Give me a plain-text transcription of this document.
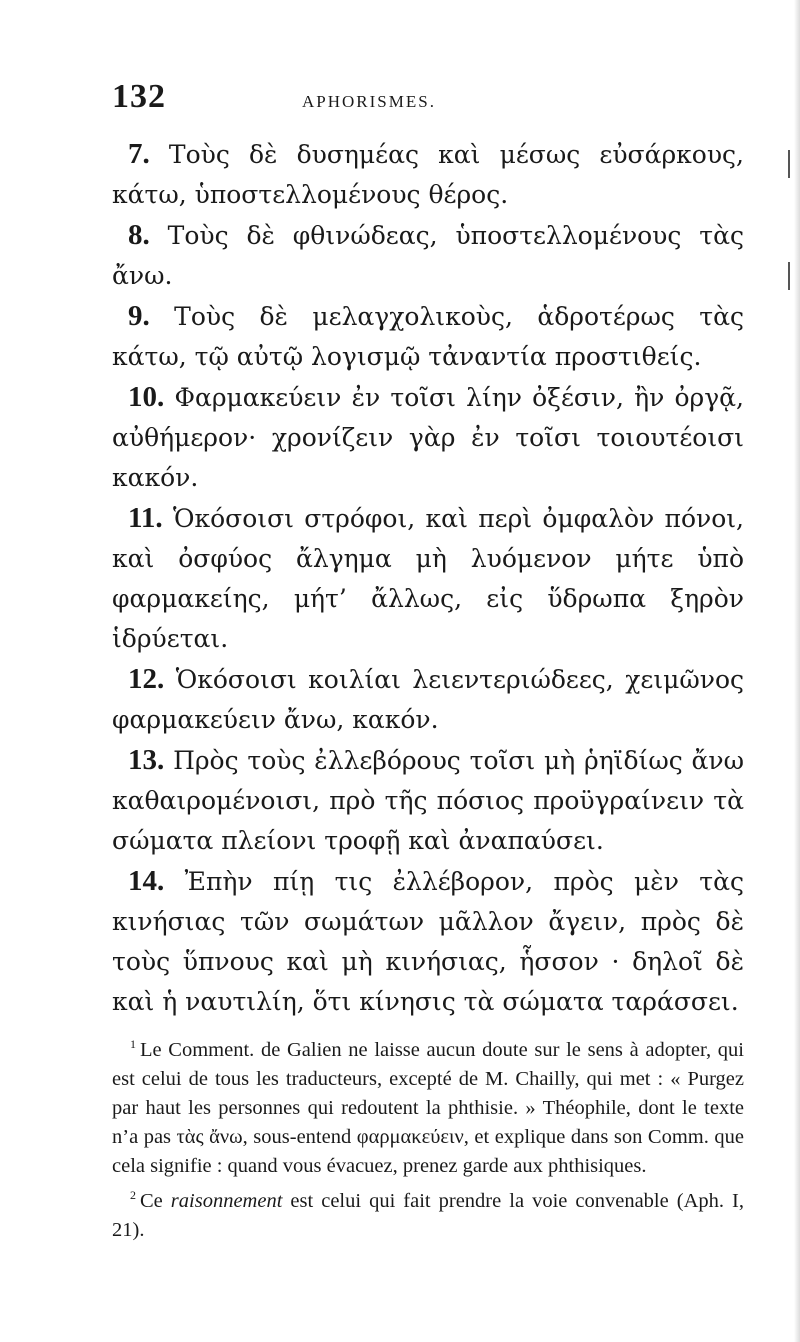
132	APHORISMES.

7. Τοὺς δὲ δυσημέας καὶ μέσως εὐσάρκους, κάτω, ὑποστελλομένους θέρος.

8. Τοὺς δὲ φθινώδεας, ὑποστελλομένους τὰς ἄνω.

9. Τοὺς δὲ μελαγχολικοὺς, ἁδροτέρως τὰς κάτω, τῷ αὐτῷ λογισμῷ τἀναντία προστιθείς.

10. Φαρμακεύειν ἐν τοῖσι λίην ὀξέσιν, ἢν ὀργᾷ, αὐθήμερον· χρονίζειν γὰρ ἐν τοῖσι τοιουτέοισι κακόν.

11. Ὁκόσοισι στρόφοι, καὶ περὶ ὀμφαλὸν πόνοι, καὶ ὀσφύος ἄλγημα μὴ λυόμενον μήτε ὑπὸ φαρμακείης, μήτ’ ἄλλως, εἰς ὕδρωπα ξηρὸν ἱδρύεται.

12. Ὁκόσοισι κοιλίαι λειεντεριώδεες, χειμῶνος φαρμακεύειν ἄνω, κακόν.

13. Πρὸς τοὺς ἐλλεβόρους τοῖσι μὴ ῥηϊδίως ἄνω καθαιρομένοισι, πρὸ τῆς πόσιος προϋγραίνειν τὰ σώματα πλείονι τροφῇ καὶ ἀναπαύσει.

14. Ἐπὴν πίῃ τις ἐλλέβορον, πρὸς μὲν τὰς κινήσιας τῶν σωμάτων μᾶλλον ἄγειν, πρὸς δὲ τοὺς ὕπνους καὶ μὴ κινήσιας, ἧσσον · δηλοῖ δὲ καὶ ἡ ναυτιλίη, ὅτι κίνησις τὰ σώματα ταράσσει.

$^1$ Le Comment. de Galien ne laisse aucun doute sur le sens à adopter, qui est celui de tous les traducteurs, excepté de M. Chailly, qui met : « Purgez par haut les personnes qui redoutent la phthisie. » Théophile, dont le texte n’a pas τὰς ἄνω, sous-entend φαρμακεύειν, et explique dans son Comm. que cela signifie : quand vous évacuez, prenez garde aux phthisiques.

$^2$ Ce raisonnement est celui qui fait prendre la voie convenable (Aph. I, 21).
